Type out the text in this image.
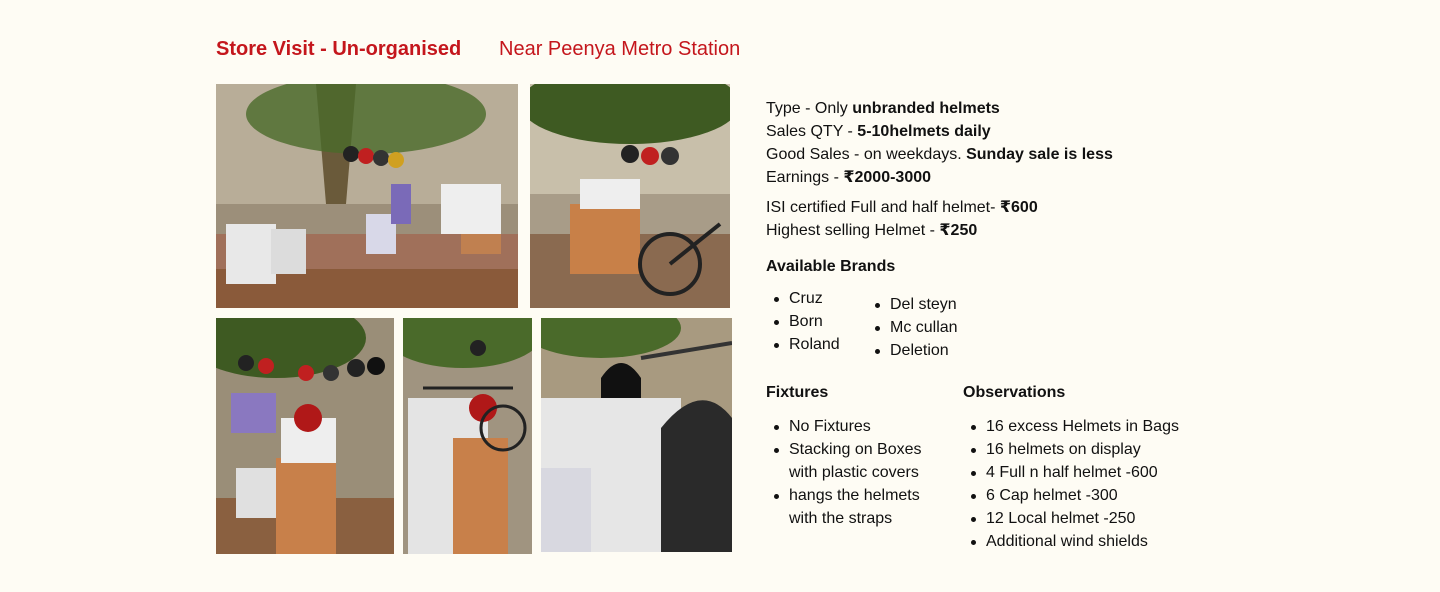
Store Visit - Un-organised Near Peenya Metro Station
Type - Only unbranded helmets
Sales QTY - 5-10helmets daily
Good Sales - on weekdays. Sunday sale is less
Earnings - ₹2000-3000
ISI certified Full and half helmet- ₹600
Highest selling Helmet - ₹250
Available Brands
Cruz
Born
Roland
Del steyn
Mc cullan
Deletion
Fixtures
No Fixtures
Stacking on Boxes
with plastic covers
hangs the helmets
with the straps
Observations
16 excess Helmets in Bags
16 helmets on display
4 Full n half helmet -600
6 Cap helmet -300
12 Local helmet -250
Additional wind shields
